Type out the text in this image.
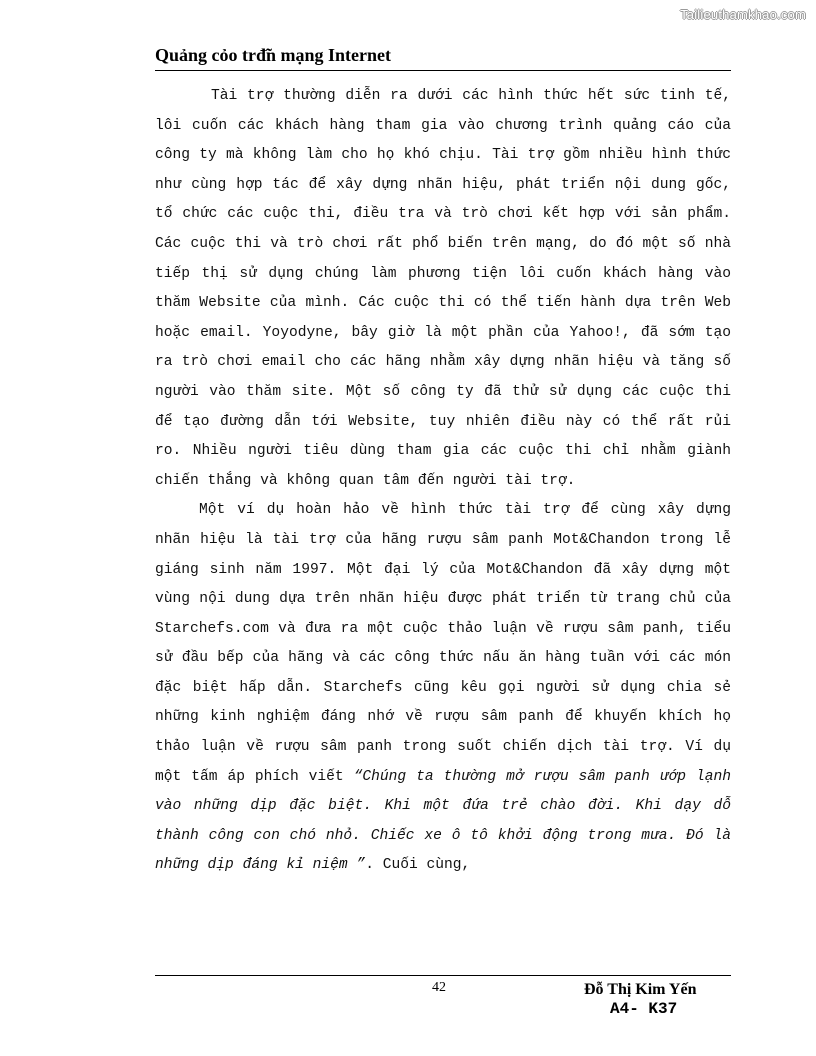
Tailieuthamkhao.com
Quảng cỏo trđ̃n mạng Internet

Tài trợ thường diễn ra dưới các hình thức hết sức tinh tế, lôi cuốn các khách hàng tham gia vào chương trình quảng cáo của công ty mà không làm cho họ khó chịu. Tài trợ gồm nhiều hình thức như cùng hợp tác để xây dựng nhãn hiệu, phát triển nội dung gốc, tổ chức các cuộc thi, điều tra và trò chơi kết hợp với sản phẩm. Các cuộc thi và trò chơi rất phổ biến trên mạng, do đó một số nhà tiếp thị sử dụng chúng làm phương tiện lôi cuốn khách hàng vào thăm Website của mình. Các cuộc thi có thể tiến hành dựa trên Web hoặc email. Yoyodyne, bây giờ là một phần của Yahoo!, đã sớm tạo ra trò chơi email cho các hãng nhằm xây dựng nhãn hiệu và tăng số người vào thăm site. Một số công ty đã thử sử dụng các cuộc thi để tạo đường dẫn tới Website, tuy nhiên điều này có thể rất rủi ro. Nhiều người tiêu dùng tham gia các cuộc thi chỉ nhằm giành chiến thắng và không quan tâm đến người tài trợ.

Một ví dụ hoàn hảo về hình thức tài trợ để cùng xây dựng nhãn hiệu là tài trợ của hãng rượu sâm panh Mot&Chandon trong lễ giáng sinh năm 1997. Một đại lý của Mot&Chandon đã xây dựng một vùng nội dung dựa trên nhãn hiệu được phát triển từ trang chủ của Starchefs.com và đưa ra một cuộc thảo luận về rượu sâm panh, tiểu sử đầu bếp của hãng và các công thức nấu ăn hàng tuần với các món đặc biệt hấp dẫn. Starchefs cũng kêu gọi người sử dụng chia sẻ những kinh nghiệm đáng nhớ về rượu sâm panh để khuyến khích họ thảo luận về rượu sâm panh trong suốt chiến dịch tài trợ. Ví dụ một tấm áp phích viết “Chúng ta thường mở rượu sâm panh ướp lạnh vào những dịp đặc biệt. Khi một đứa trẻ chào đời. Khi dạy dỗ thành công con chó nhỏ. Chiếc xe ô tô khởi động trong mưa. Đó là những dịp đáng kỉ niệm ”. Cuối cùng,

42	Đỗ Thị Kim Yến
A4- K37
